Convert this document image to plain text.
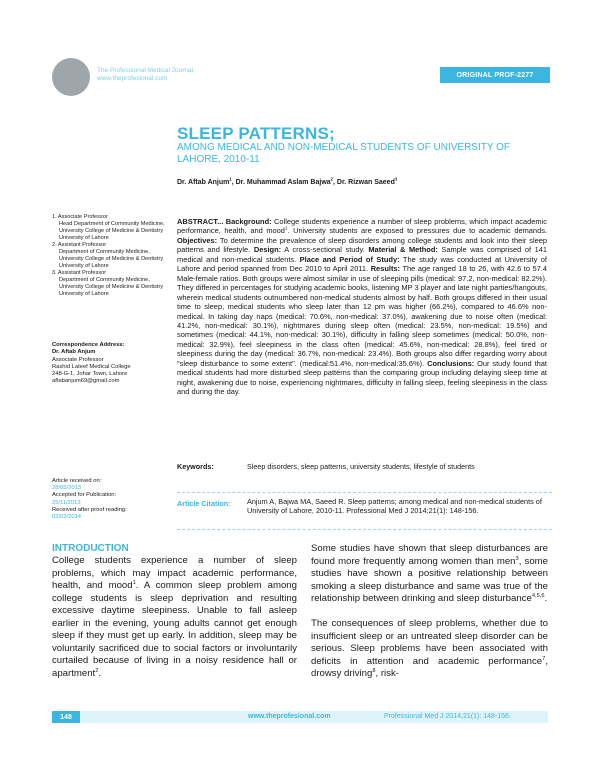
The Professional Medical Journal
www.theprofesional.com	ORIGINAL PROF-2277
SLEEP PATTERNS;
AMONG MEDICAL AND NON-MEDICAL STUDENTS OF UNIVERSITY OF LAHORE, 2010-11
Dr. Aftab Anjum$^1$, Dr. Muhammad Aslam Bajwa$^2$, Dr. Rizwan Saeed$^3$

1. Associate Professor

Head Department of Community Medicine,

University College of Medicine & Dentistry

University of Lahore

2. Assistant Professor

Department of Community Medicine,

University College of Medicine & Dentistry

University of Lahore

3. Assistant Professor

Department of Community Medicine,

University College of Medicine & Dentistry

University of Lahore

Correspondence Address:
Dr. Aftab Anjum
Associate Professor
Rashid Lateef Medical College
248-G-1, Johar Town, Lahore
aftabanjum69@gmail.com
Article received on:
28/05/2013
Accepted for Publication:
25/11/2013
Received after proof reading:
03/02/2014
ABSTRACT... Background: College students experience a number of sleep problems, which impact academic performance, health, and mood$^1$. University students are exposed to pressures due to academic demands. Objectives: To determine the prevalence of sleep disorders among college students and look into their sleep patterns and lifestyle. Design: A cross-sectional study. Material & Method: Sample was comprised of 141 medical and non-medical students. Place and Period of Study: The study was conducted at University of Lahore and period spanned from Dec 2010 to April 2011. Results: The age ranged 18 to 26, with 42.6 to 57.4 Male-female ratios. Both groups were almost similar in use of sleeping pills (medical: 97.2, non-medical: 82.2%). They differed in percentages for studying academic books, listening MP 3 player and late night parties/hangouts, wherein medical students outnumbered non-medical students almost by half. Both groups differed in their usual time to sleep, medical students who sleep later than 12 pm was higher (66.2%), compared to 46.6% non-medical. In taking day naps (medical: 70.6%, non-medical: 37.0%), awakening due to noise often (medical: 41.2%, non-medical: 30.1%), nightmares during sleep often (medical: 23.5%, non-medical: 19.5%) and sometimes (medical: 44.1%, non-medical: 30.1%), difficulty in falling sleep sometimes (medical: 50.0%, non-medical: 32.9%), feel sleepiness in the class often (medical: 45.6%, non-medical: 28.8%), feel tired or sleepiness during the day (medical: 36.7%, non-medical: 23.4%). Both groups also differ regarding worry about "sleep disturbance to some extent". (medical:51.4%, non-medical:35.6%). Conclusions: Our study found that medical students had more disturbed sleep patterns than the comparing group including delaying sleep time at night, awakening due to noise, experiencing nightmares, difficulty in falling sleep, feeling sleepiness in the class and during the day.
Keywords:	Sleep disorders, sleep patterns, university students, lifestyle of students
Article Citation: Anjum A, Bajwa MA, Saeed R. Sleep patterns; among medical and non-medical students of University of Lahore, 2010-11. Professional Med J 2014;21(1): 148-156.
INTRODUCTION
College students experience a number of sleep problems, which may impact academic performance, health, and mood$^1$. A common sleep problem among college students is sleep deprivation and resulting excessive daytime sleepiness. Unable to fall asleep earlier in the evening, young adults cannot get enough sleep if they must get up early. In addition, sleep may be voluntarily sacrificed due to social factors or involuntarily curtailed because of living in a noisy residence hall or apartment$^2$.

Some studies have shown that sleep disturbances are found more frequently among women than men$^3$, some studies have shown a positive relationship between smoking a sleep disturbance and same was true of the relationship between drinking and sleep disturbance$^{4,5,6}$.

The consequences of sleep problems, whether due to insufficient sleep or an untreated sleep disorder can be serious. Sleep problems have been associated with deficits in attention and academic performance$^7$, drowsy driving$^8$, risk-

148	www.theprofesional.com	Professional Med J 2014;21(1): 148-156.
